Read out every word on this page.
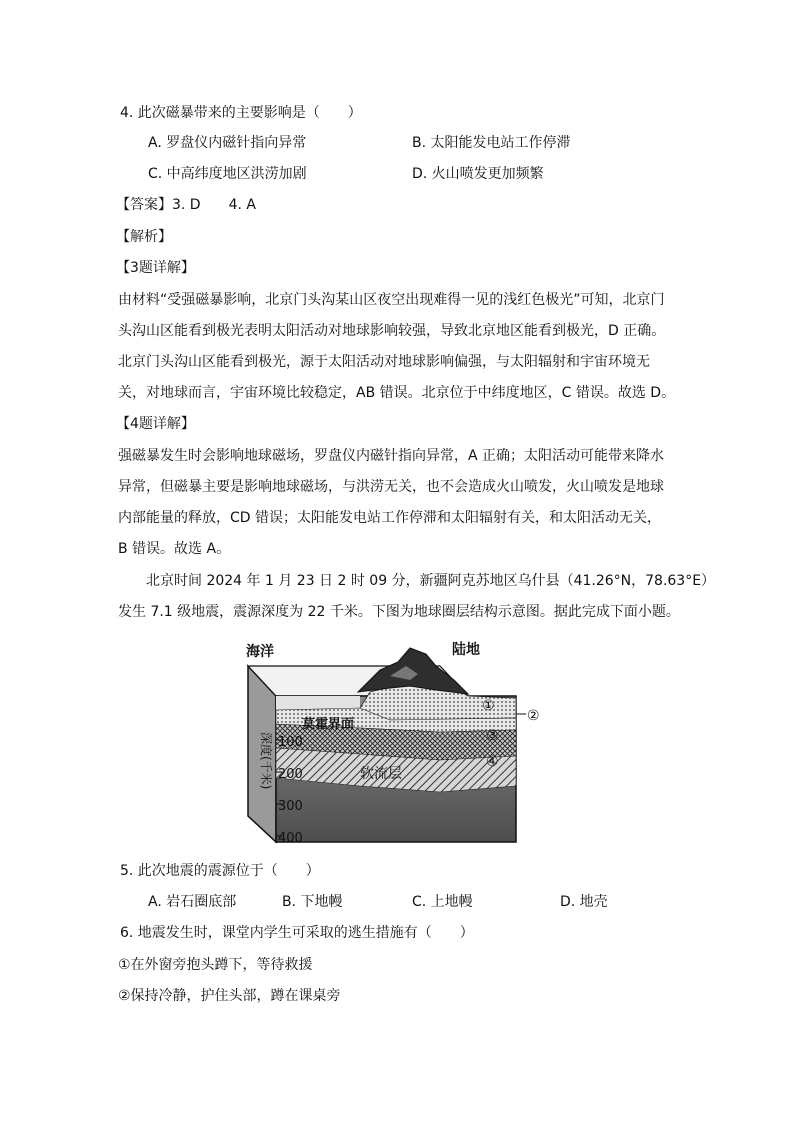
4. 此次磁暴带来的主要影响是（　　）
A. 罗盘仪内磁针指向异常	B. 太阳能发电站工作停滞
C. 中高纬度地区洪涝加剧	D. 火山喷发更加频繁
【答案】3. D　　4. A
【解析】
【3题详解】
由材料“受强磁暴影响，北京门头沟某山区夜空出现难得一见的浅红色极光”可知，北京门
头沟山区能看到极光表明太阳活动对地球影响较强，导致北京地区能看到极光，D 正确。
北京门头沟山区能看到极光，源于太阳活动对地球影响偏强，与太阳辐射和宇宙环境无
关，对地球而言，宇宙环境比较稳定，AB 错误。北京位于中纬度地区，C 错误。故选 D。
【4题详解】
强磁暴发生时会影响地球磁场，罗盘仪内磁针指向异常，A 正确；太阳活动可能带来降水
异常，但磁暴主要是影响地球磁场，与洪涝无关，也不会造成火山喷发，火山喷发是地球
内部能量的释放，CD 错误；太阳能发电站工作停滞和太阳辐射有关，和太阳活动无关，
B 错误。故选 A。
北京时间 2024 年 1 月 23 日 2 时 09 分，新疆阿克苏地区乌什县（41.26°N，78.63°E）
发生 7.1 级地震，震源深度为 22 千米。下图为地球圈层结构示意图。据此完成下面小题。
100
200
300
400
深度(千米)
海洋	陆地
莫霍界面
软流层
①
②
③
④
5. 此次地震的震源位于（　　）
A. 岩石圈底部	B. 下地幔	C. 上地幔	D. 地壳
6. 地震发生时，课堂内学生可采取的逃生措施有（　　）
①在外窗旁抱头蹲下，等待救援
②保持冷静，护住头部，蹲在课桌旁
